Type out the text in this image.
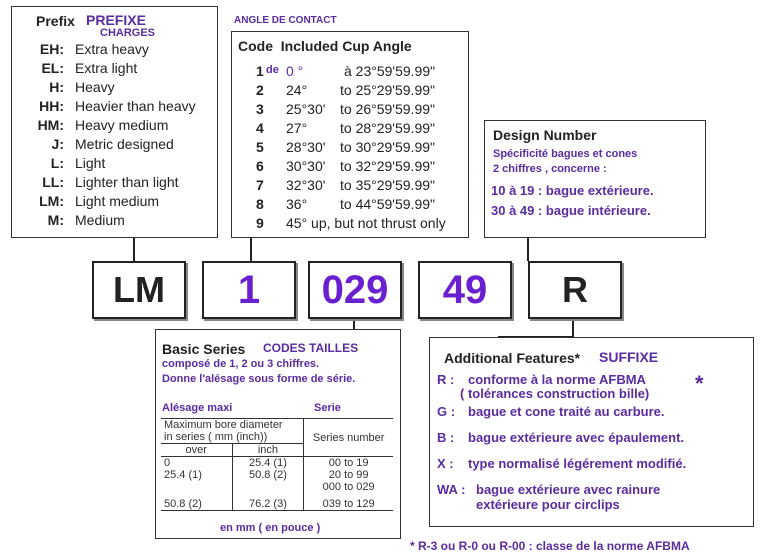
Prefix PREFIXE
CHARGES
EH: Extra heavy
EL: Extra light
H: Heavy
HH: Heavier than heavy
HM: Heavy medium
J: Metric designed
L: Light
LL: Lighter than light
LM: Light medium
M: Medium
ANGLE DE CONTACT
Code  Included Cup Angle
1 de 0 °	à 23°59'59.99"
2 24° to 25°29'59.99"
3 25°30' to 26°59'59.99"
4 27° to 28°29'59.99"
5 28°30' to 30°29'59.99"
6 30°30' to 32°29'59.99"
7 32°30' to 35°29'59.99"
8 36° to 44°59'59.99"
9 45° up, but not thrust only
Design Number
Spécificité bagues et cones
2 chiffres , concerne :
10 à 19 : bague extérieure.
30 à 49 : bague intérieure.
LM	1	029	49	R
Basic Series CODES TAILLES
composé de 1, 2 ou 3 chiffres.
Donne l'alésage sous forme de série.
Alésage maxi	Serie
Maximum bore diameter
in series ( mm (inch))		Series number
over	inch	
0	25.4 (1)	00 to 19
25.4 (1)	50.8 (2)	20 to 99
		000 to 029
50.8 (2)	76.2 (3)	039 to 129
en mm ( en pouce )
Additional Features* SUFFIXE
*
R : conforme à la norme AFBMA
( tolérances construction bille)
G : bague et cone traité au carbure.
B : bague extérieure avec épaulement.
X : type normalisé légérement modifié.
WA : bague extérieure avec rainure
extérieure pour circlips
* R-3 ou R-0 ou R-00 : classe de la norme AFBMA
